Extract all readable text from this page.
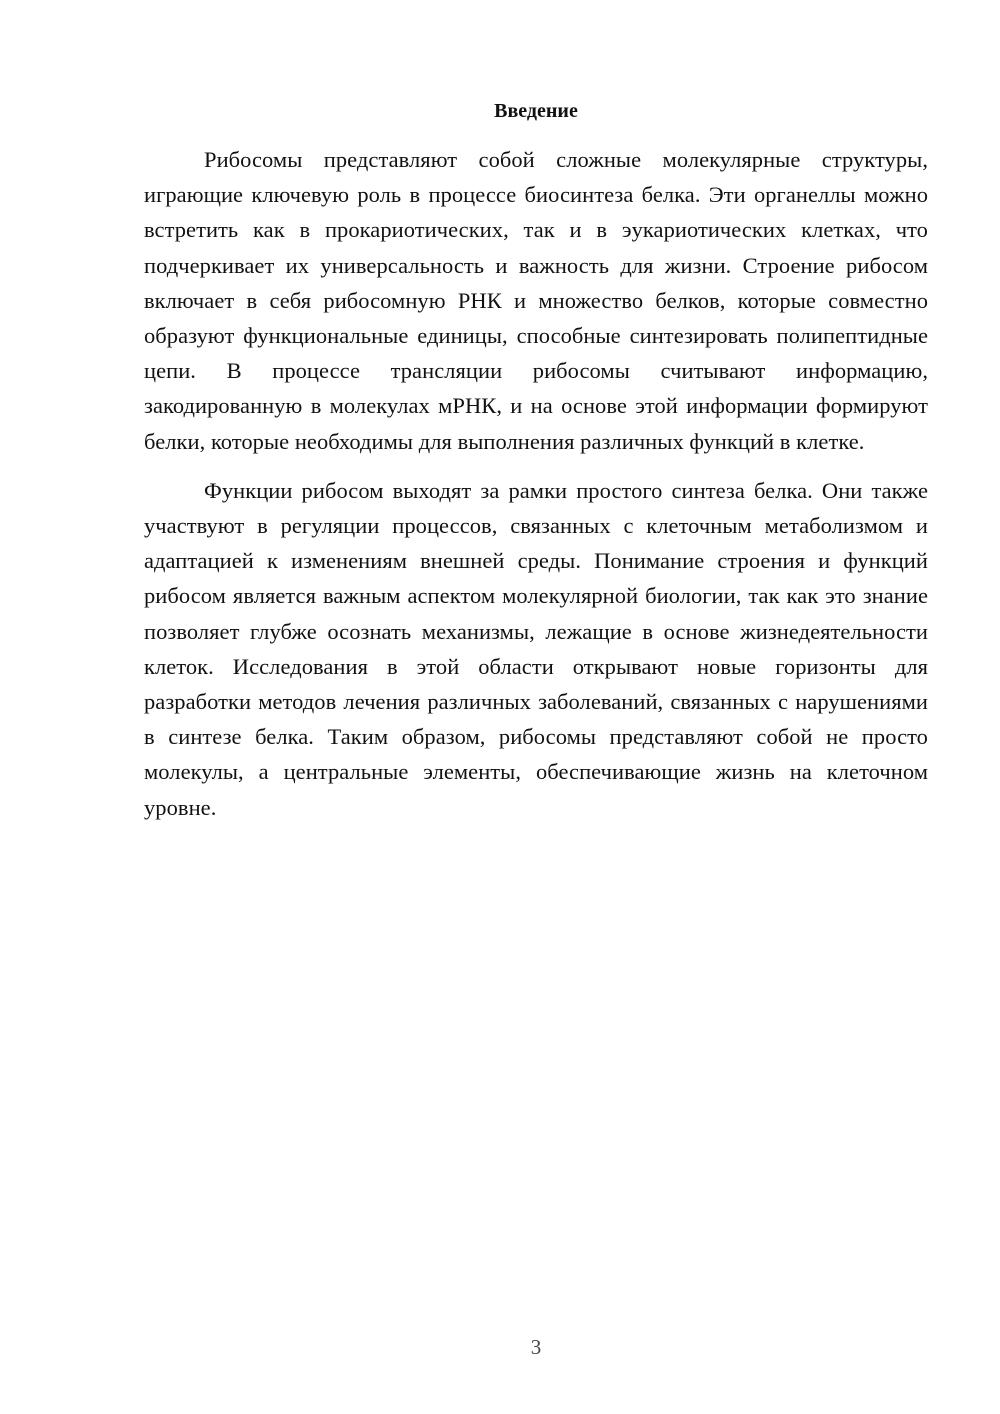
Введение

Рибосомы представляют собой сложные молекулярные структуры, играющие ключевую роль в процессе биосинтеза белка. Эти органеллы можно встретить как в прокариотических, так и в эукариотических клетках, что подчеркивает их универсальность и важность для жизни. Строение рибосом включает в себя рибосомную РНК и множество белков, которые совместно образуют функциональные единицы, способные синтезировать полипептидные цепи. В процессе трансляции рибосомы считывают информацию, закодированную в молекулах мРНК, и на основе этой информации формируют белки, которые необходимы для выполнения различных функций в клетке.

Функции рибосом выходят за рамки простого синтеза белка. Они также участвуют в регуляции процессов, связанных с клеточным метаболизмом и адаптацией к изменениям внешней среды. Понимание строения и функций рибосом является важным аспектом молекулярной биологии, так как это знание позволяет глубже осознать механизмы, лежащие в основе жизнедеятельности клеток. Исследования в этой области открывают новые горизонты для разработки методов лечения различных заболеваний, связанных с нарушениями в синтезе белка. Таким образом, рибосомы представляют собой не просто молекулы, а центральные элементы, обеспечивающие жизнь на клеточном уровне.

3
